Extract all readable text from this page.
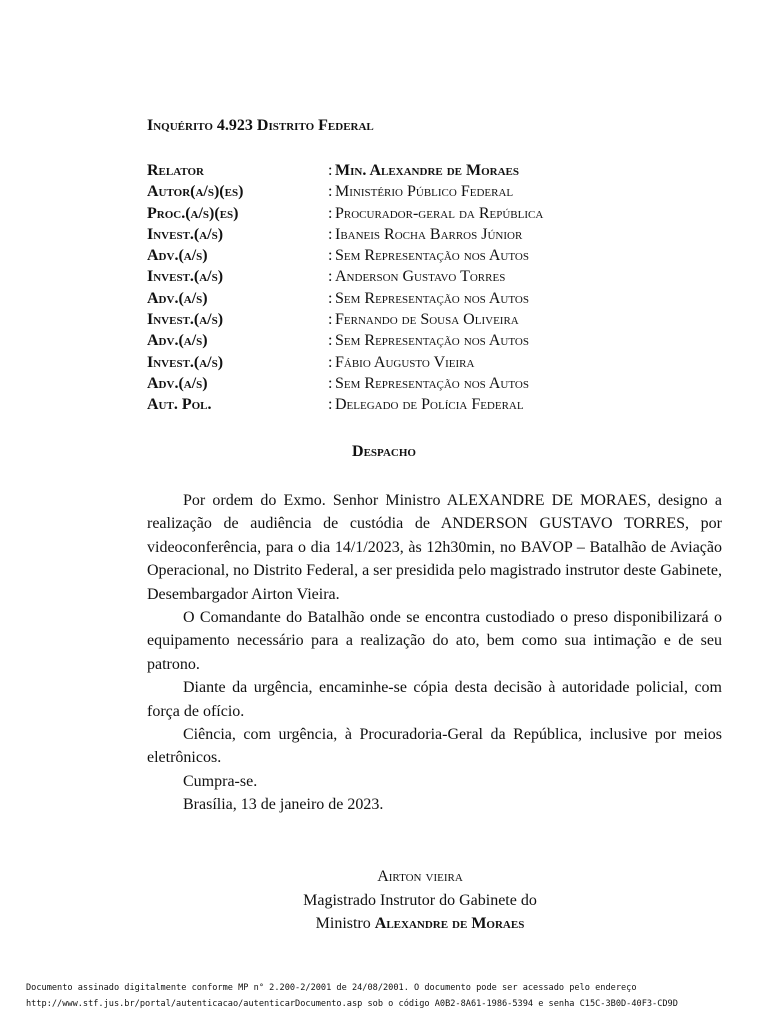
Inquérito 4.923 Distrito Federal
Relator	: Min. Alexandre de Moraes
Autor(a/s)(es)	: Ministério Público Federal
Proc.(a/s)(es)	: Procurador-geral da República
Invest.(a/s)	: Ibaneis Rocha Barros Júnior
Adv.(a/s)	: Sem Representação nos Autos
Invest.(a/s)	: Anderson Gustavo Torres
Adv.(a/s)	: Sem Representação nos Autos
Invest.(a/s)	: Fernando de Sousa Oliveira
Adv.(a/s)	: Sem Representação nos Autos
Invest.(a/s)	: Fábio Augusto Vieira
Adv.(a/s)	: Sem Representação nos Autos
Aut. Pol.	: Delegado de Polícia Federal
Despacho

Por ordem do Exmo. Senhor Ministro ALEXANDRE DE MORAES, designo a realização de audiência de custódia de ANDERSON GUSTAVO TORRES, por videoconferência, para o dia 14/1/2023, às 12h30min, no BAVOP – Batalhão de Aviação Operacional, no Distrito Federal, a ser presidida pelo magistrado instrutor deste Gabinete, Desembargador Airton Vieira.

O Comandante do Batalhão onde se encontra custodiado o preso disponibilizará o equipamento necessário para a realização do ato, bem como sua intimação e de seu patrono.

Diante da urgência, encaminhe-se cópia desta decisão à autoridade policial, com força de ofício.

Ciência, com urgência, à Procuradoria-Geral da República, inclusive por meios eletrônicos.

Cumpra-se.

Brasília, 13 de janeiro de 2023.

Airton vieira
Magistrado Instrutor do Gabinete do
Ministro Alexandre de Moraes
Documento assinado digitalmente conforme MP n° 2.200-2/2001 de 24/08/2001. O documento pode ser acessado pelo endereço
http://www.stf.jus.br/portal/autenticacao/autenticarDocumento.asp sob o código A0B2-8A61-1986-5394 e senha C15C-3B0D-40F3-CD9D
